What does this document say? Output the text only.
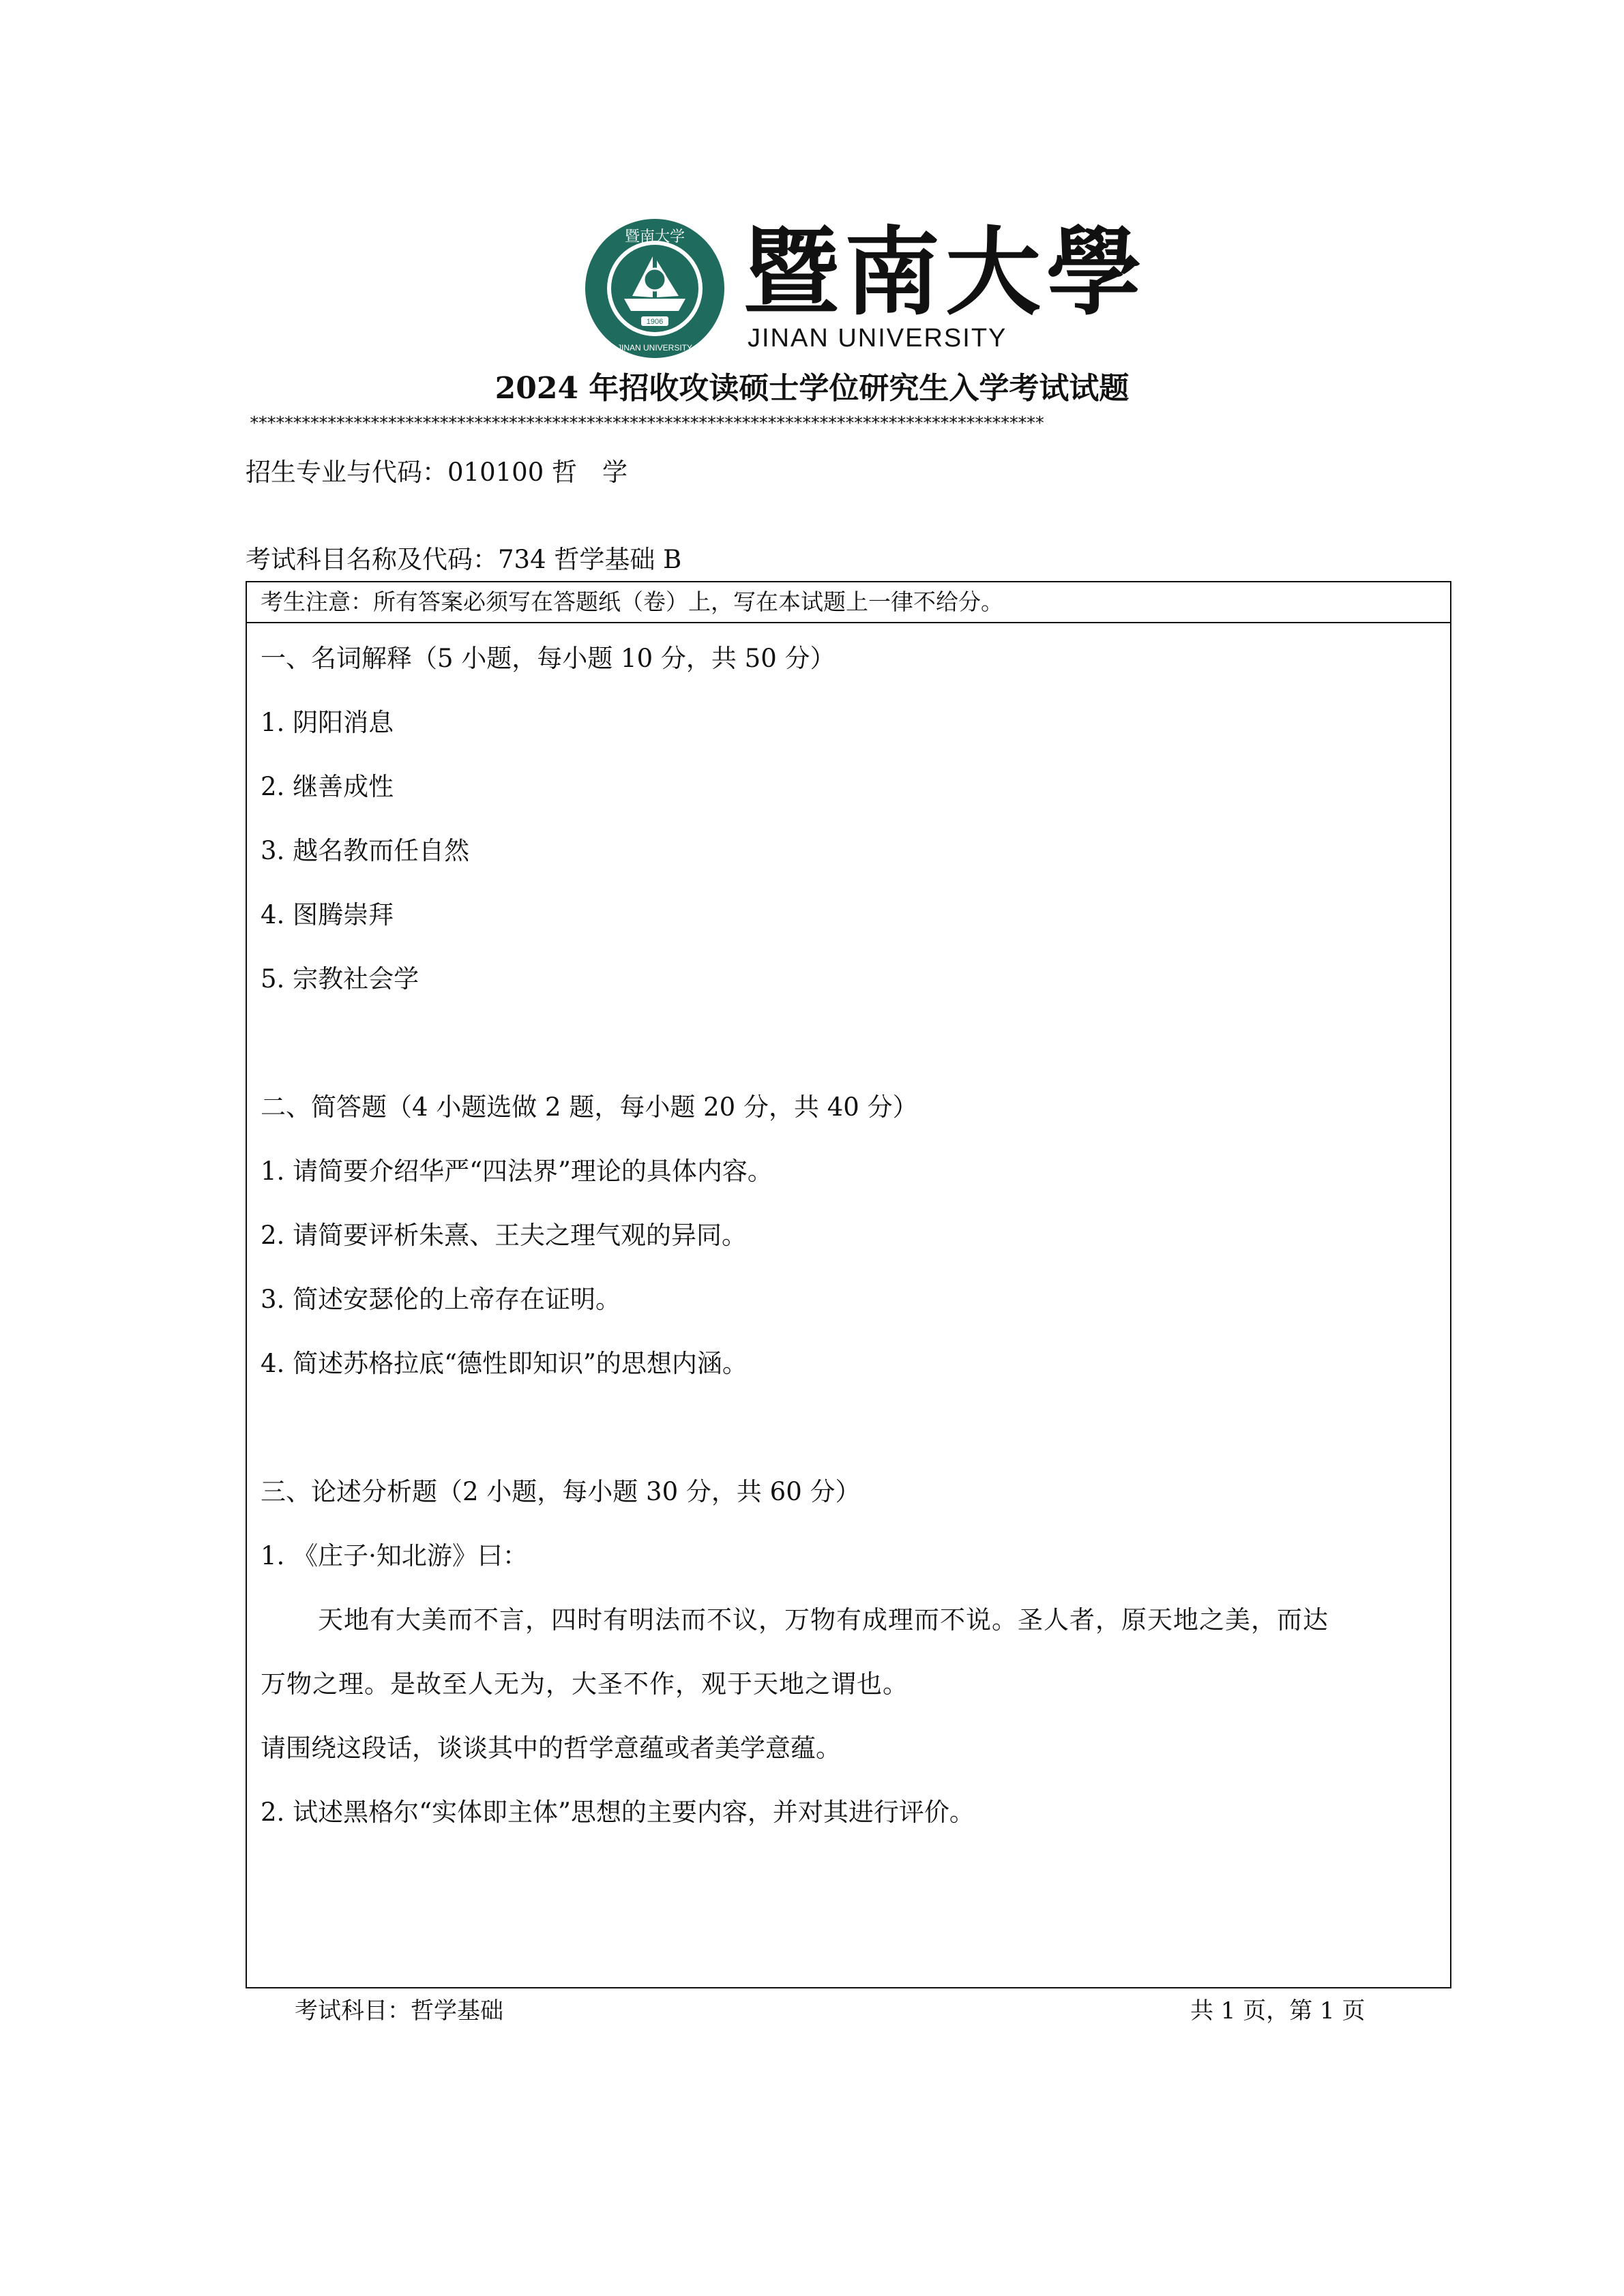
暨南大学
JINAN UNIVERSITY
1906 暨南大學
JINAN UNIVERSITY
2024 年招收攻读硕士学位研究生入学考试试题
********************************************************************************************
招生专业与代码：010100 哲　学
考试科目名称及代码：734 哲学基础 B
考生注意：所有答案必须写在答题纸（卷）上，写在本试题上一律不给分。
一、名词解释（5 小题，每小题 10 分，共 50 分）
1. 阴阳消息
2. 继善成性
3. 越名教而任自然
4. 图腾崇拜
5. 宗教社会学
二、简答题（4 小题选做 2 题，每小题 20 分，共 40 分）
1. 请简要介绍华严“四法界”理论的具体内容。
2. 请简要评析朱熹、王夫之理气观的异同。
3. 简述安瑟伦的上帝存在证明。
4. 简述苏格拉底“德性即知识”的思想内涵。
三、论述分析题（2 小题，每小题 30 分，共 60 分）
1. 《庄子·知北游》曰：
天地有大美而不言，四时有明法而不议，万物有成理而不说。圣人者，原天地之美，而达
万物之理。是故至人无为，大圣不作，观于天地之谓也。
请围绕这段话，谈谈其中的哲学意蕴或者美学意蕴。
2. 试述黑格尔“实体即主体”思想的主要内容，并对其进行评价。
考试科目：哲学基础	共 1 页，第 1 页
